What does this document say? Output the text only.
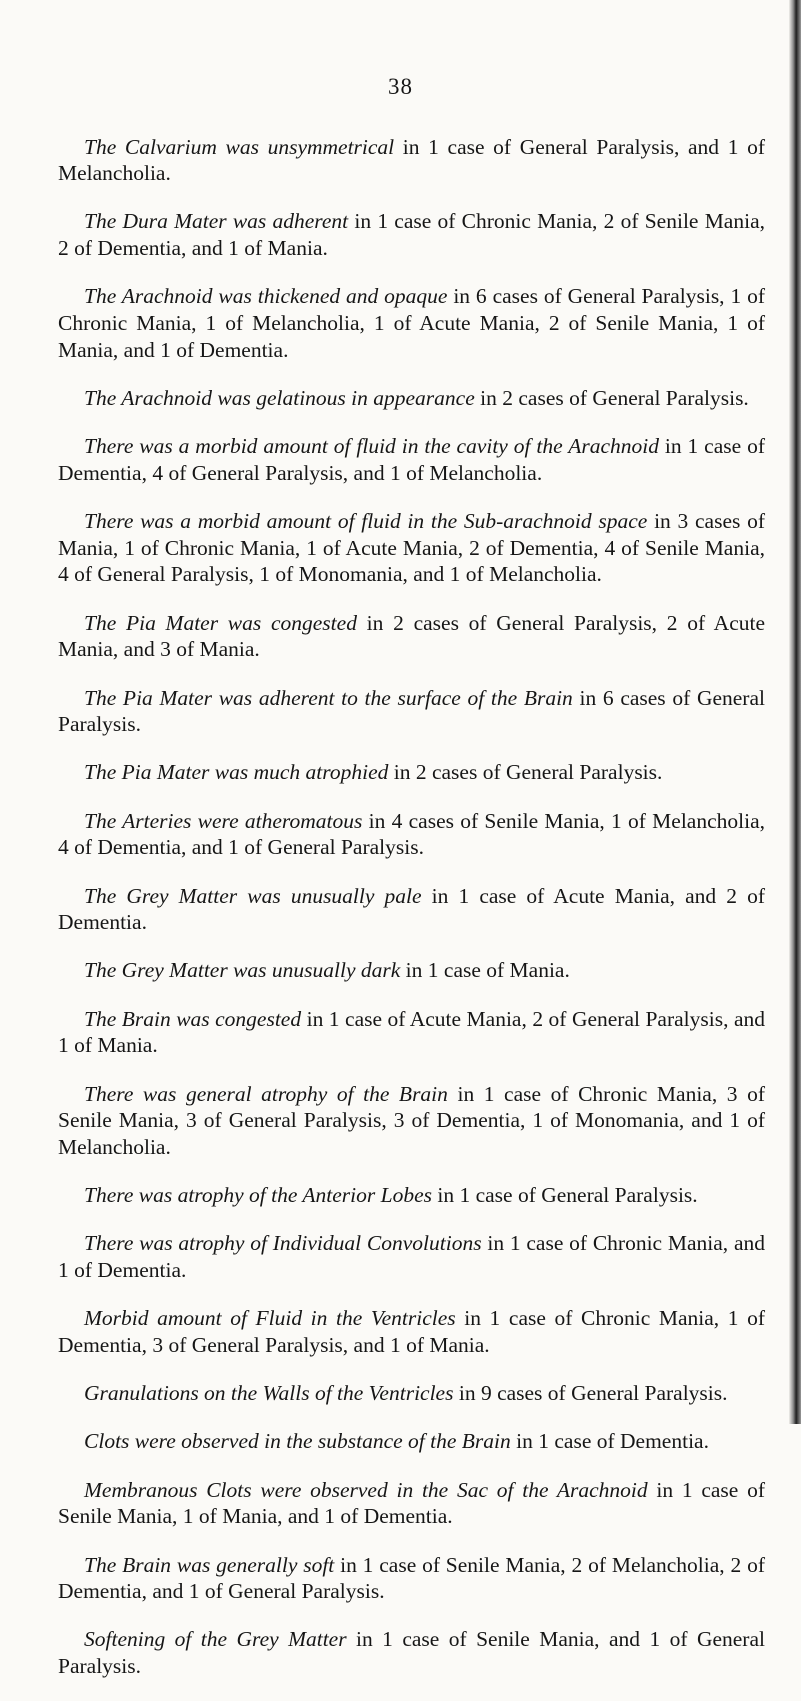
38

The Calvarium was unsymmetrical in 1 case of General Paralysis, and 1 of Melancholia.

The Dura Mater was adherent in 1 case of Chronic Mania, 2 of Senile Mania, 2 of Dementia, and 1 of Mania.

The Arachnoid was thickened and opaque in 6 cases of General Paralysis, 1 of Chronic Mania, 1 of Melancholia, 1 of Acute Mania, 2 of Senile Mania, 1 of Mania, and 1 of Dementia.

The Arachnoid was gelatinous in appearance in 2 cases of General Paralysis.

There was a morbid amount of fluid in the cavity of the Arachnoid in 1 case of Dementia, 4 of General Paralysis, and 1 of Melancholia.

There was a morbid amount of fluid in the Sub-arachnoid space in 3 cases of Mania, 1 of Chronic Mania, 1 of Acute Mania, 2 of Dementia, 4 of Senile Mania, 4 of General Paralysis, 1 of Monomania, and 1 of Melancholia.

The Pia Mater was congested in 2 cases of General Paralysis, 2 of Acute Mania, and 3 of Mania.

The Pia Mater was adherent to the surface of the Brain in 6 cases of General Paralysis.

The Pia Mater was much atrophied in 2 cases of General Paralysis.

The Arteries were atheromatous in 4 cases of Senile Mania, 1 of Melancholia, 4 of Dementia, and 1 of General Paralysis.

The Grey Matter was unusually pale in 1 case of Acute Mania, and 2 of Dementia.

The Grey Matter was unusually dark in 1 case of Mania.

The Brain was congested in 1 case of Acute Mania, 2 of General Paralysis, and 1 of Mania.

There was general atrophy of the Brain in 1 case of Chronic Mania, 3 of Senile Mania, 3 of General Paralysis, 3 of Dementia, 1 of Monomania, and 1 of Melancholia.

There was atrophy of the Anterior Lobes in 1 case of General Paralysis.

There was atrophy of Individual Convolutions in 1 case of Chronic Mania, and 1 of Dementia.

Morbid amount of Fluid in the Ventricles in 1 case of Chronic Mania, 1 of Dementia, 3 of General Paralysis, and 1 of Mania.

Granulations on the Walls of the Ventricles in 9 cases of General Paralysis.

Clots were observed in the substance of the Brain in 1 case of Dementia.

Membranous Clots were observed in the Sac of the Arachnoid in 1 case of Senile Mania, 1 of Mania, and 1 of Dementia.

The Brain was generally soft in 1 case of Senile Mania, 2 of Melancholia, 2 of Dementia, and 1 of General Paralysis.

Softening of the Grey Matter in 1 case of Senile Mania, and 1 of General Paralysis.
